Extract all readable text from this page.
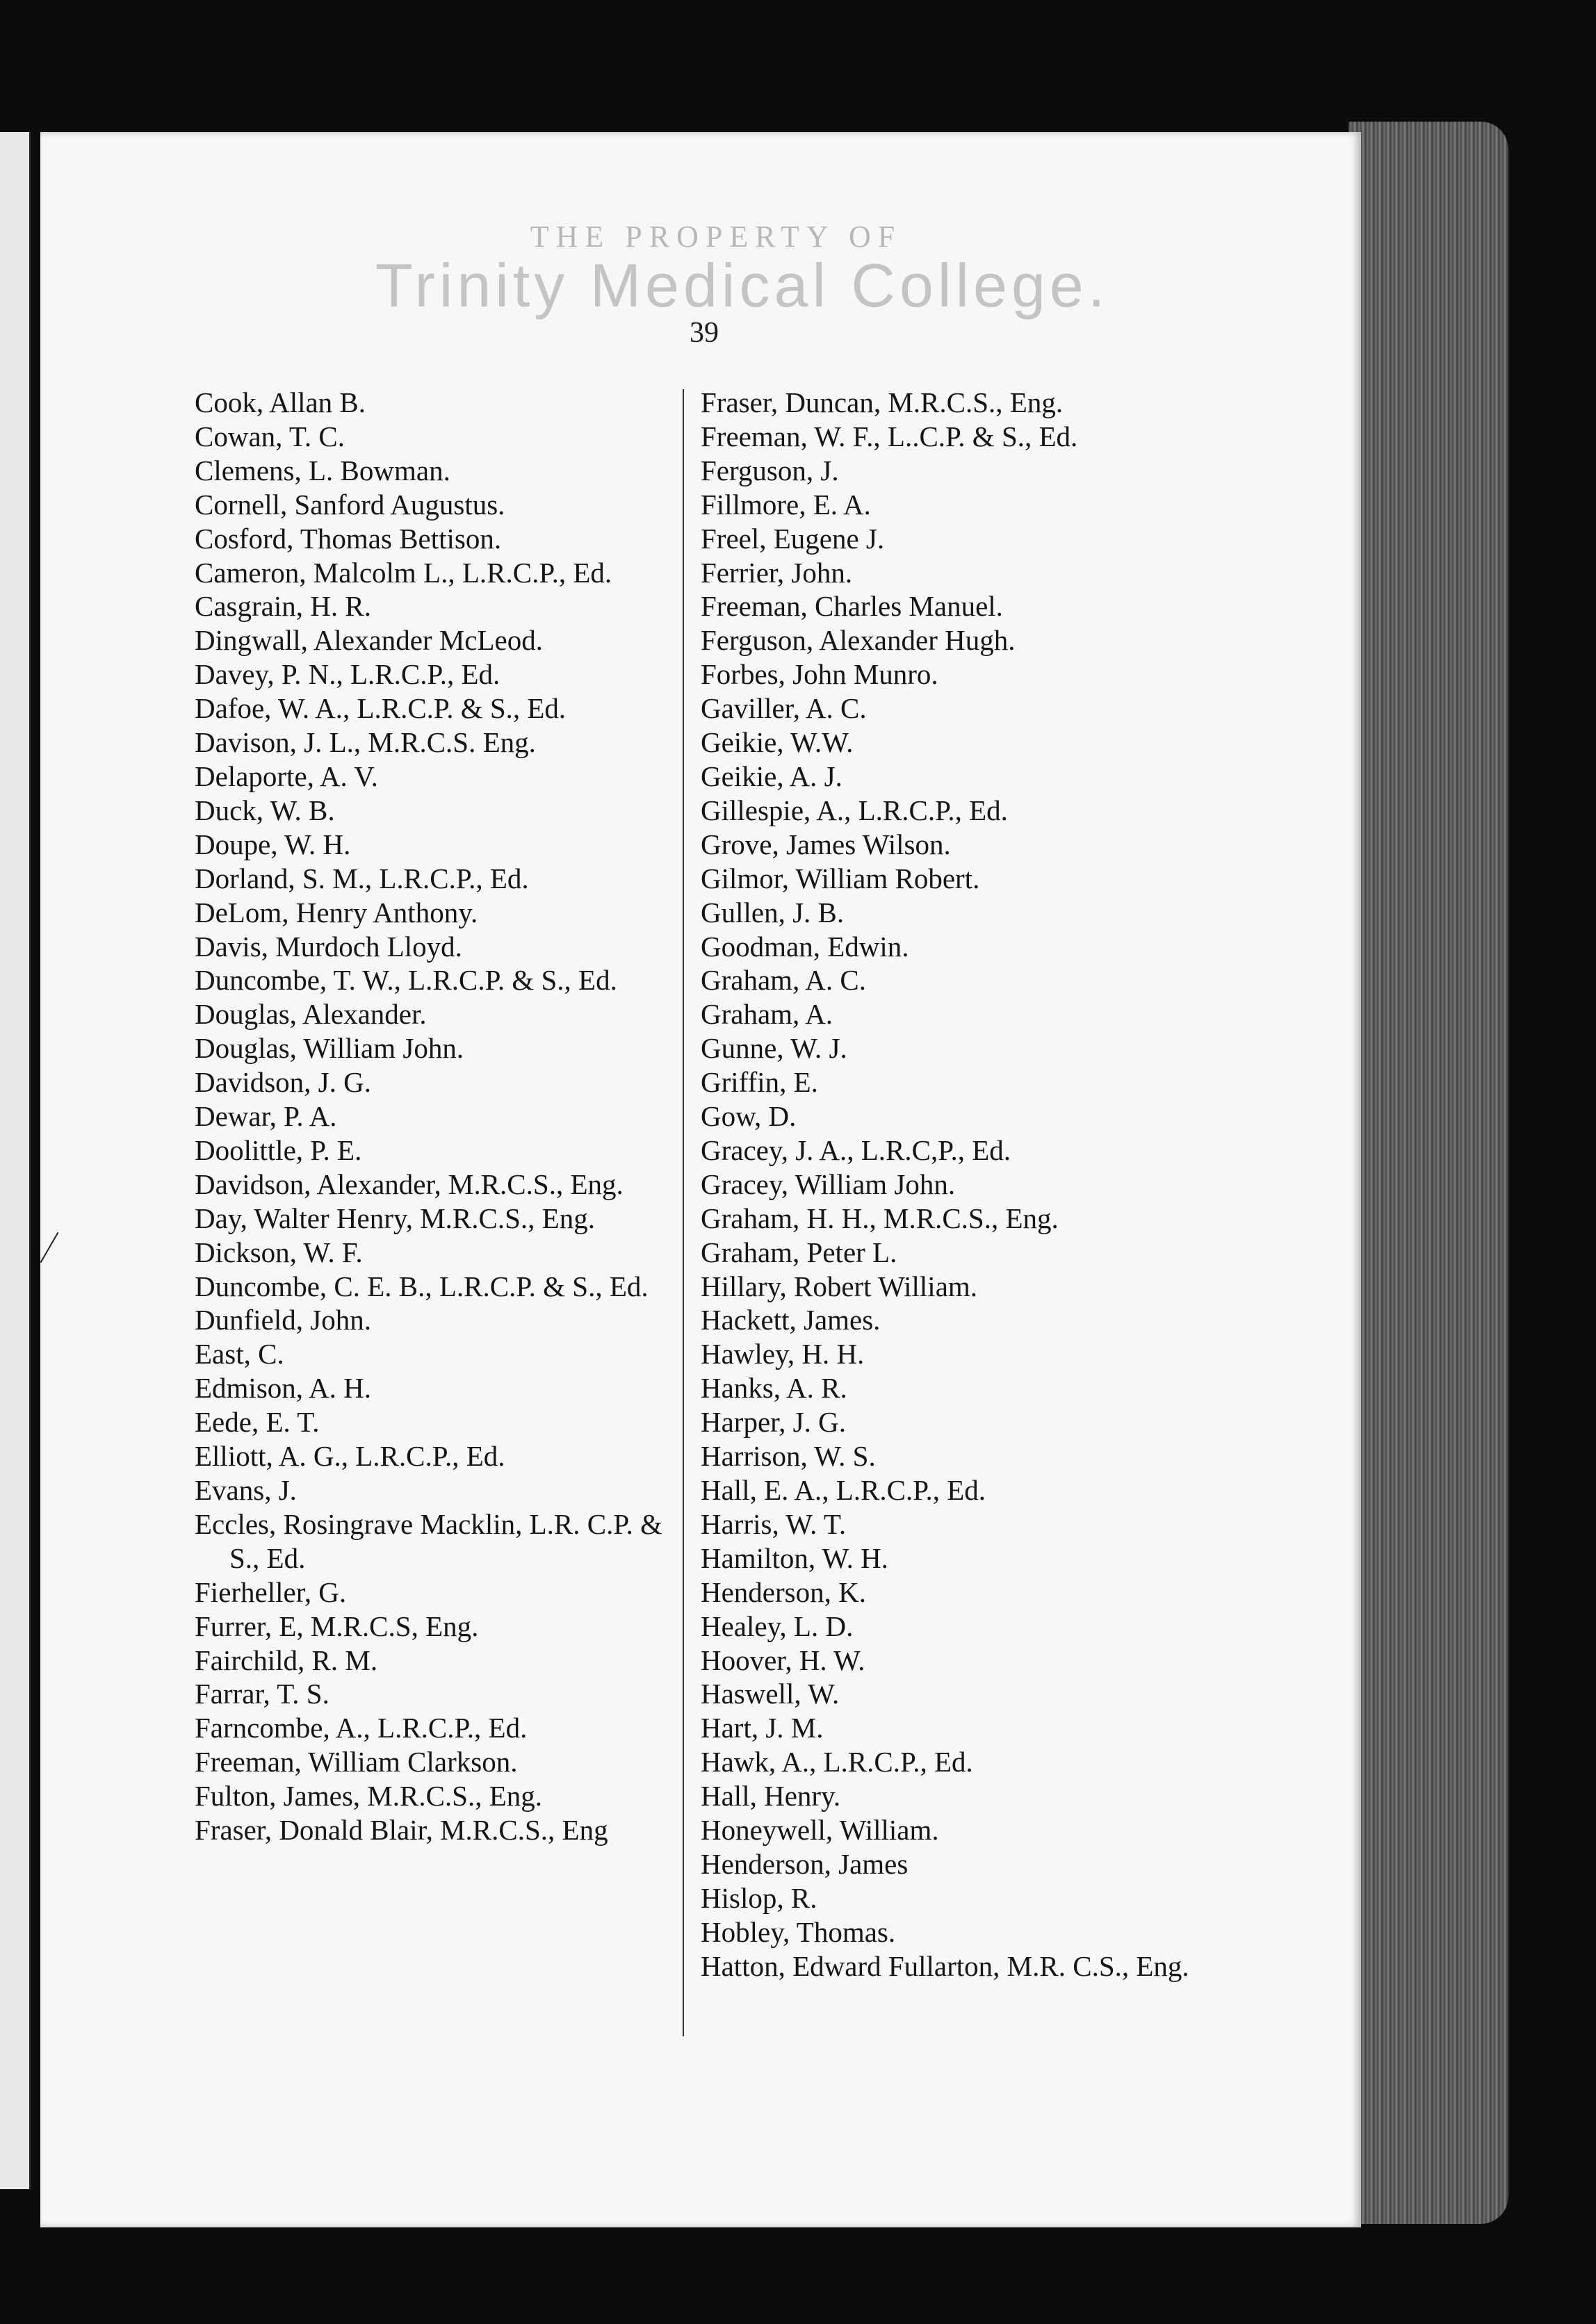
THE PROPERTY OF
Trinity Medical College.
39
Cook, Allan B.
Cowan, T. C.
Clemens, L. Bowman.
Cornell, Sanford Augustus.
Cosford, Thomas Bettison.
Cameron, Malcolm L., L.R.C.P., Ed.
Casgrain, H. R.
Dingwall, Alexander McLeod.
Davey, P. N., L.R.C.P., Ed.
Dafoe, W. A., L.R.C.P. & S., Ed.
Davison, J. L., M.R.C.S. Eng.
Delaporte, A. V.
Duck, W. B.
Doupe, W. H.
Dorland, S. M., L.R.C.P., Ed.
DeLom, Henry Anthony.
Davis, Murdoch Lloyd.
Duncombe, T. W., L.R.C.P. & S., Ed.
Douglas, Alexander.
Douglas, William John.
Davidson, J. G.
Dewar, P. A.
Doolittle, P. E.
Davidson, Alexander, M.R.C.S., Eng.
Day, Walter Henry, M.R.C.S., Eng.
Dickson, W. F.
Duncombe, C. E. B., L.R.C.P. & S., Ed.
Dunfield, John.
East, C.
Edmison, A. H.
Eede, E. T.
Elliott, A. G., L.R.C.P., Ed.
Evans, J.
Eccles, Rosingrave Macklin, L.R. C.P. & S., Ed.
Fierheller, G.
Furrer, E, M.R.C.S, Eng.
Fairchild, R. M.
Farrar, T. S.
Farncombe, A., L.R.C.P., Ed.
Freeman, William Clarkson.
Fulton, James, M.R.C.S., Eng.
Fraser, Donald Blair, M.R.C.S., Eng
Fraser, Duncan, M.R.C.S., Eng.
Freeman, W. F., L..C.P. & S., Ed.
Ferguson, J.
Fillmore, E. A.
Freel, Eugene J.
Ferrier, John.
Freeman, Charles Manuel.
Ferguson, Alexander Hugh.
Forbes, John Munro.
Gaviller, A. C.
Geikie, W.W.
Geikie, A. J.
Gillespie, A., L.R.C.P., Ed.
Grove, James Wilson.
Gilmor, William Robert.
Gullen, J. B.
Goodman, Edwin.
Graham, A. C.
Graham, A.
Gunne, W. J.
Griffin, E.
Gow, D.
Gracey, J. A., L.R.C,P., Ed.
Gracey, William John.
Graham, H. H., M.R.C.S., Eng.
Graham, Peter L.
Hillary, Robert William.
Hackett, James.
Hawley, H. H.
Hanks, A. R.
Harper, J. G.
Harrison, W. S.
Hall, E. A., L.R.C.P., Ed.
Harris, W. T.
Hamilton, W. H.
Henderson, K.
Healey, L. D.
Hoover, H. W.
Haswell, W.
Hart, J. M.
Hawk, A., L.R.C.P., Ed.
Hall, Henry.
Honeywell, William.
Henderson, James
Hislop, R.
Hobley, Thomas.
Hatton, Edward Fullarton, M.R. C.S., Eng.
